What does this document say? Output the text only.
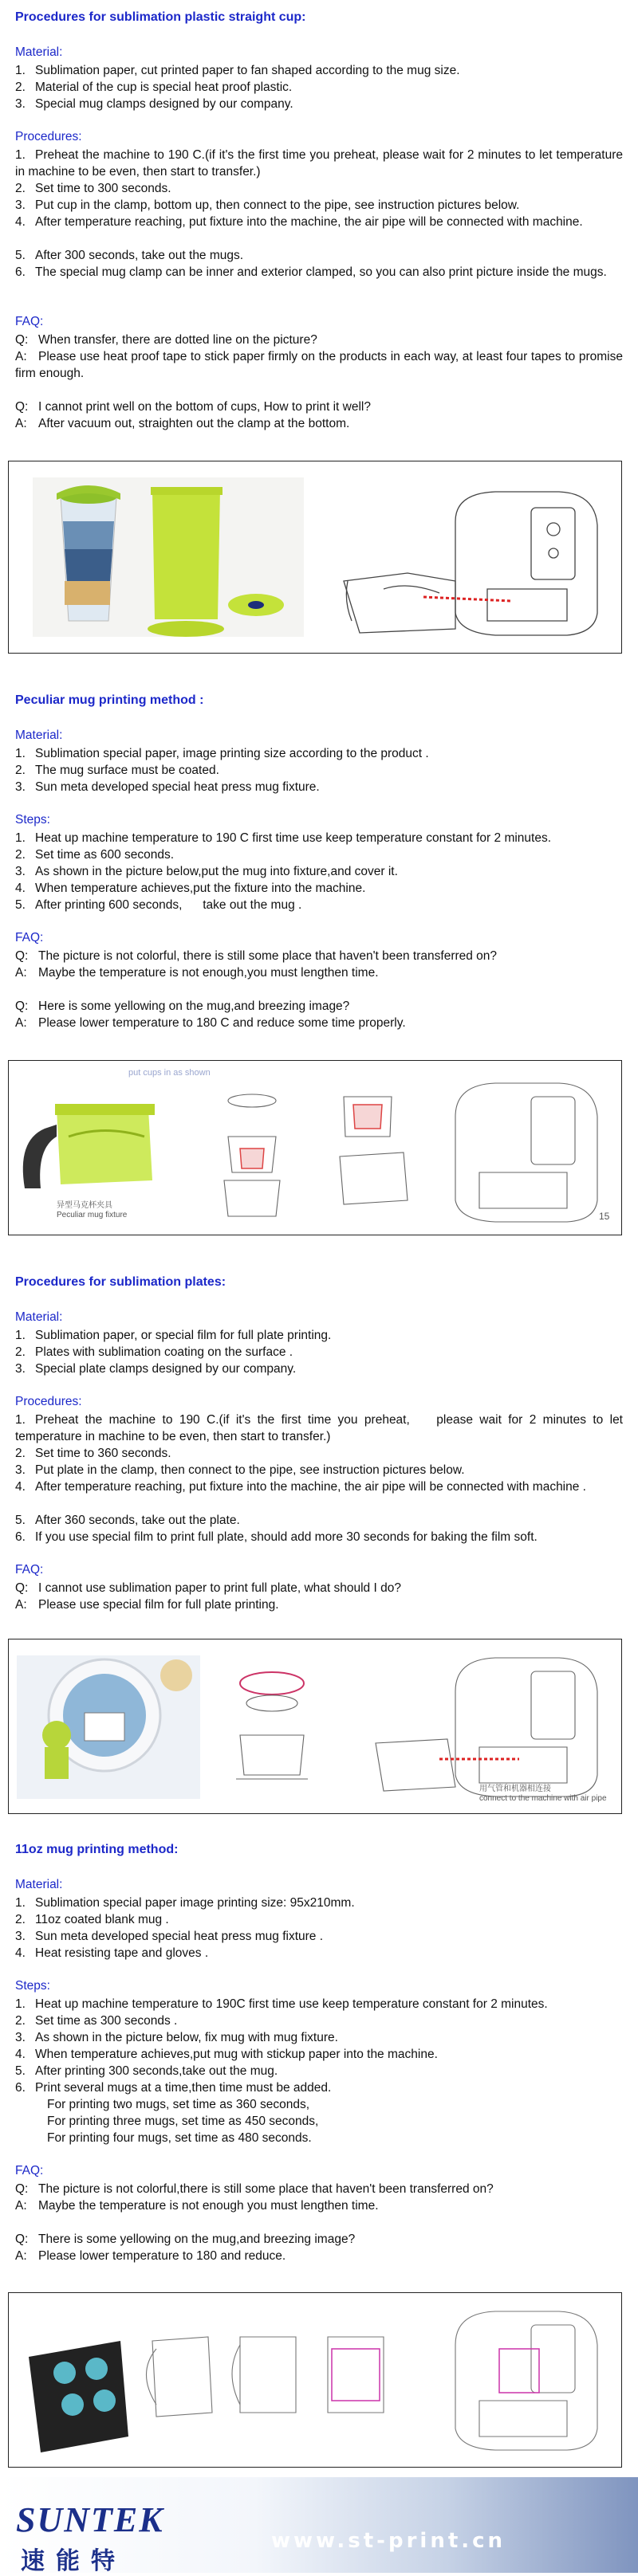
Procedures for sublimation plastic straight cup:
Material:
1. Sublimation paper, cut printed paper to fan shaped according to the mug size.
2. Material of the cup is special heat proof plastic.
3. Special mug clamps designed by our company.
Procedures:
1. Preheat the machine to 190 C.(if it's the first time you preheat, please wait for 2 minutes to let temperature in machine to be even, then start to transfer.)
2. Set time to 300 seconds.
3. Put cup in the clamp, bottom up, then connect to the pipe, see instruction pictures below.
4. After temperature reaching, put fixture into the machine, the air pipe will be connected with machine.
5. After 300 seconds, take out the mugs.
6. The special mug clamp can be inner and exterior clamped, so you can also print picture inside the mugs.
FAQ:
Q: When transfer, there are dotted line on the picture?
A: Please use heat proof tape to stick paper firmly on the products in each way, at least four tapes to promise firm enough.
Q: I cannot print well on the bottom of cups, How to print it well?
A: After vacuum out, straighten out the clamp at the bottom.
Peculiar mug printing method :
Material:
1. Sublimation special paper, image printing size according to the product .
2. The mug surface must be coated.
3. Sun meta developed special heat press mug fixture.
Steps:
1. Heat up machine temperature to 190 C first time use keep temperature constant for 2 minutes.
2. Set time as 600 seconds.
3. As shown in the picture below,put the mug into fixture,and cover it.
4. When temperature achieves,put the fixture into the machine.
5. After printing 600 seconds,      take out the mug .
FAQ:
Q: The picture is not colorful, there is still some place that haven't been transferred on?
A: Maybe the temperature is not enough,you must lengthen time.
Q: Here is some yellowing on the mug,and breezing image?
A: Please lower temperature to 180 C and reduce some time properly.
put cups in as shown
异型马克杯夹具
Peculiar mug fixture	15
Procedures for sublimation plates:
Material:
1. Sublimation paper, or special film for full plate printing.
2. Plates with sublimation coating on the surface .
3. Special plate clamps designed by our company.
Procedures:
1. Preheat the machine to 190 C.(if it's the first time you preheat,    please wait for 2 minutes to let temperature in machine to be even, then start to transfer.)
2. Set time to 360 seconds.
3. Put plate in the clamp, then connect to the pipe, see instruction pictures below.
4. After temperature reaching, put fixture into the machine, the air pipe will be connected with machine .
5. After 360 seconds, take out the plate.
6. If you use special film to print full plate, should add more 30 seconds for baking the film soft.
FAQ:
Q: I cannot use sublimation paper to print full plate, what should I do?
A: Please use special film for full plate printing.
用气管和机器相连接
connect to the machine with air pipe
11oz mug printing method:
Material:
1. Sublimation special paper image printing size: 95x210mm.
2. 11oz coated blank mug .
3. Sun meta developed special heat press mug fixture .
4. Heat resisting tape and gloves .
Steps:
1. Heat up machine temperature to 190C first time use keep temperature constant for 2 minutes.
2. Set time as 300 seconds .
3. As shown in the picture below, fix mug with mug fixture.
4. When temperature achieves,put mug with stickup paper into the machine.
5. After printing 300 seconds,take out the mug.
6. Print several mugs at a time,then time must be added.
For printing two mugs, set time as 360 seconds,
For printing three mugs, set time as 450 seconds,
For printing four mugs, set time as 480 seconds.
FAQ:
Q: The picture is not colorful,there is still some place that haven't been transferred on?
A: Maybe the temperature is not enough you must lengthen time.
Q: There is some yellowing on the mug,and breezing image?
A: Please lower temperature to 180 and reduce.
SUNTEK
速能特
www.st-print.cn
